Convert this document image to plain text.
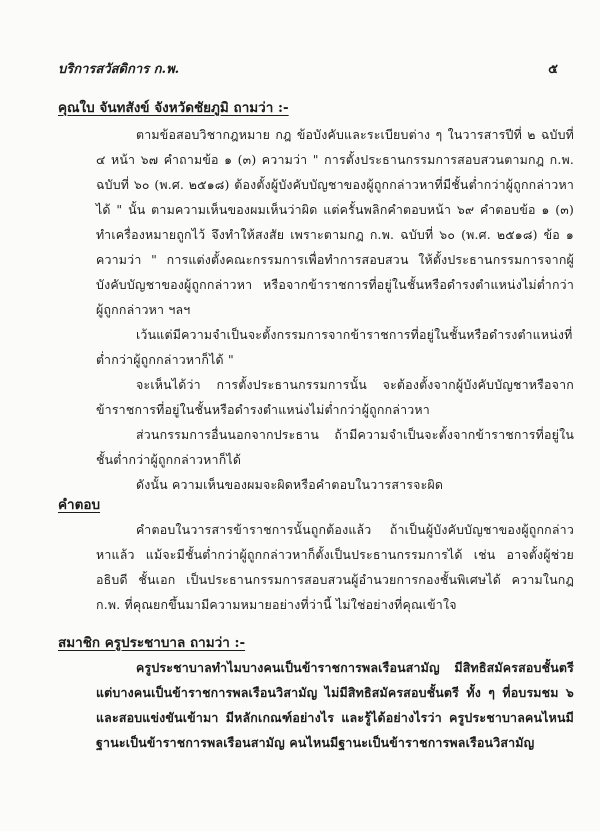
บริการสวัสดิการ ก.พ.	๕
คุณใบ จันทสังข์ จังหวัดชัยภูมิ ถามว่า :-

ตามข้อสอบวิชากฎหมาย กฎ ข้อบังคับและระเบียบต่าง ๆ ในวารสารปีที่ ๒ ฉบับที่ ๔ หน้า ๖๗ คำถามข้อ ๑ (๓) ความว่า " การตั้งประธานกรรมการสอบสวนตามกฎ ก.พ. ฉบับที่ ๖๐ (พ.ศ. ๒๕๑๘) ต้องตั้งผู้บังคับบัญชาของผู้ถูกกล่าวหาที่มีชั้นต่ำกว่าผู้ถูกกล่าวหาได้ " นั้น ตามความเห็นของผมเห็นว่าผิด แต่ครั้นพลิกคำตอบหน้า ๖๙ คำตอบข้อ ๑ (๓) ทำเครื่องหมายถูกไว้ จึงทำให้สงสัย เพราะตามกฎ ก.พ. ฉบับที่ ๖๐ (พ.ศ. ๒๕๑๘) ข้อ ๑ ความว่า " การแต่งตั้งคณะกรรมการเพื่อทำการสอบสวน ให้ตั้งประธานกรรมการจากผู้บังคับบัญชาของผู้ถูกกล่าวหา หรือจากข้าราชการที่อยู่ในชั้นหรือดำรงตำแหน่งไม่ต่ำกว่าผู้ถูกกล่าวหา ฯลฯ

เว้นแต่มีความจำเป็นจะตั้งกรรมการจากข้าราชการที่อยู่ในชั้นหรือดำรงตำแหน่งที่ต่ำกว่าผู้ถูกกล่าวหาก็ได้ "

จะเห็นได้ว่า การตั้งประธานกรรมการนั้น จะต้องตั้งจากผู้บังคับบัญชาหรือจากข้าราชการที่อยู่ในชั้นหรือดำรงตำแหน่งไม่ต่ำกว่าผู้ถูกกล่าวหา

ส่วนกรรมการอื่นนอกจากประธาน ถ้ามีความจำเป็นจะตั้งจากข้าราชการที่อยู่ในชั้นต่ำกว่าผู้ถูกกล่าวหาก็ได้

ดังนั้น ความเห็นของผมจะผิดหรือคำตอบในวารสารจะผิด

คำตอบ

คำตอบในวารสารข้าราชการนั้นถูกต้องแล้ว ถ้าเป็นผู้บังคับบัญชาของผู้ถูกกล่าวหาแล้ว แม้จะมีชั้นต่ำกว่าผู้ถูกกล่าวหาก็ตั้งเป็นประธานกรรมการได้ เช่น อาจตั้งผู้ช่วยอธิบดี ชั้นเอก เป็นประธานกรรมการสอบสวนผู้อำนวยการกองชั้นพิเศษได้ ความในกฎ ก.พ. ที่คุณยกขึ้นมามีความหมายอย่างที่ว่านี้ ไม่ใช่อย่างที่คุณเข้าใจ

สมาชิก ครูประชาบาล ถามว่า :-

ครูประชาบาลทำไมบางคนเป็นข้าราชการพลเรือนสามัญ มีสิทธิสมัครสอบชั้นตรี แต่บางคนเป็นข้าราชการพลเรือนวิสามัญ ไม่มีสิทธิสมัครสอบชั้นตรี ทั้ง ๆ ที่อบรมชม ๖ และสอบแข่งขันเข้ามา มีหลักเกณฑ์อย่างไร และรู้ได้อย่างไรว่า ครูประชาบาลคนไหนมีฐานะเป็นข้าราชการพลเรือนสามัญ คนไหนมีฐานะเป็นข้าราชการพลเรือนวิสามัญ
